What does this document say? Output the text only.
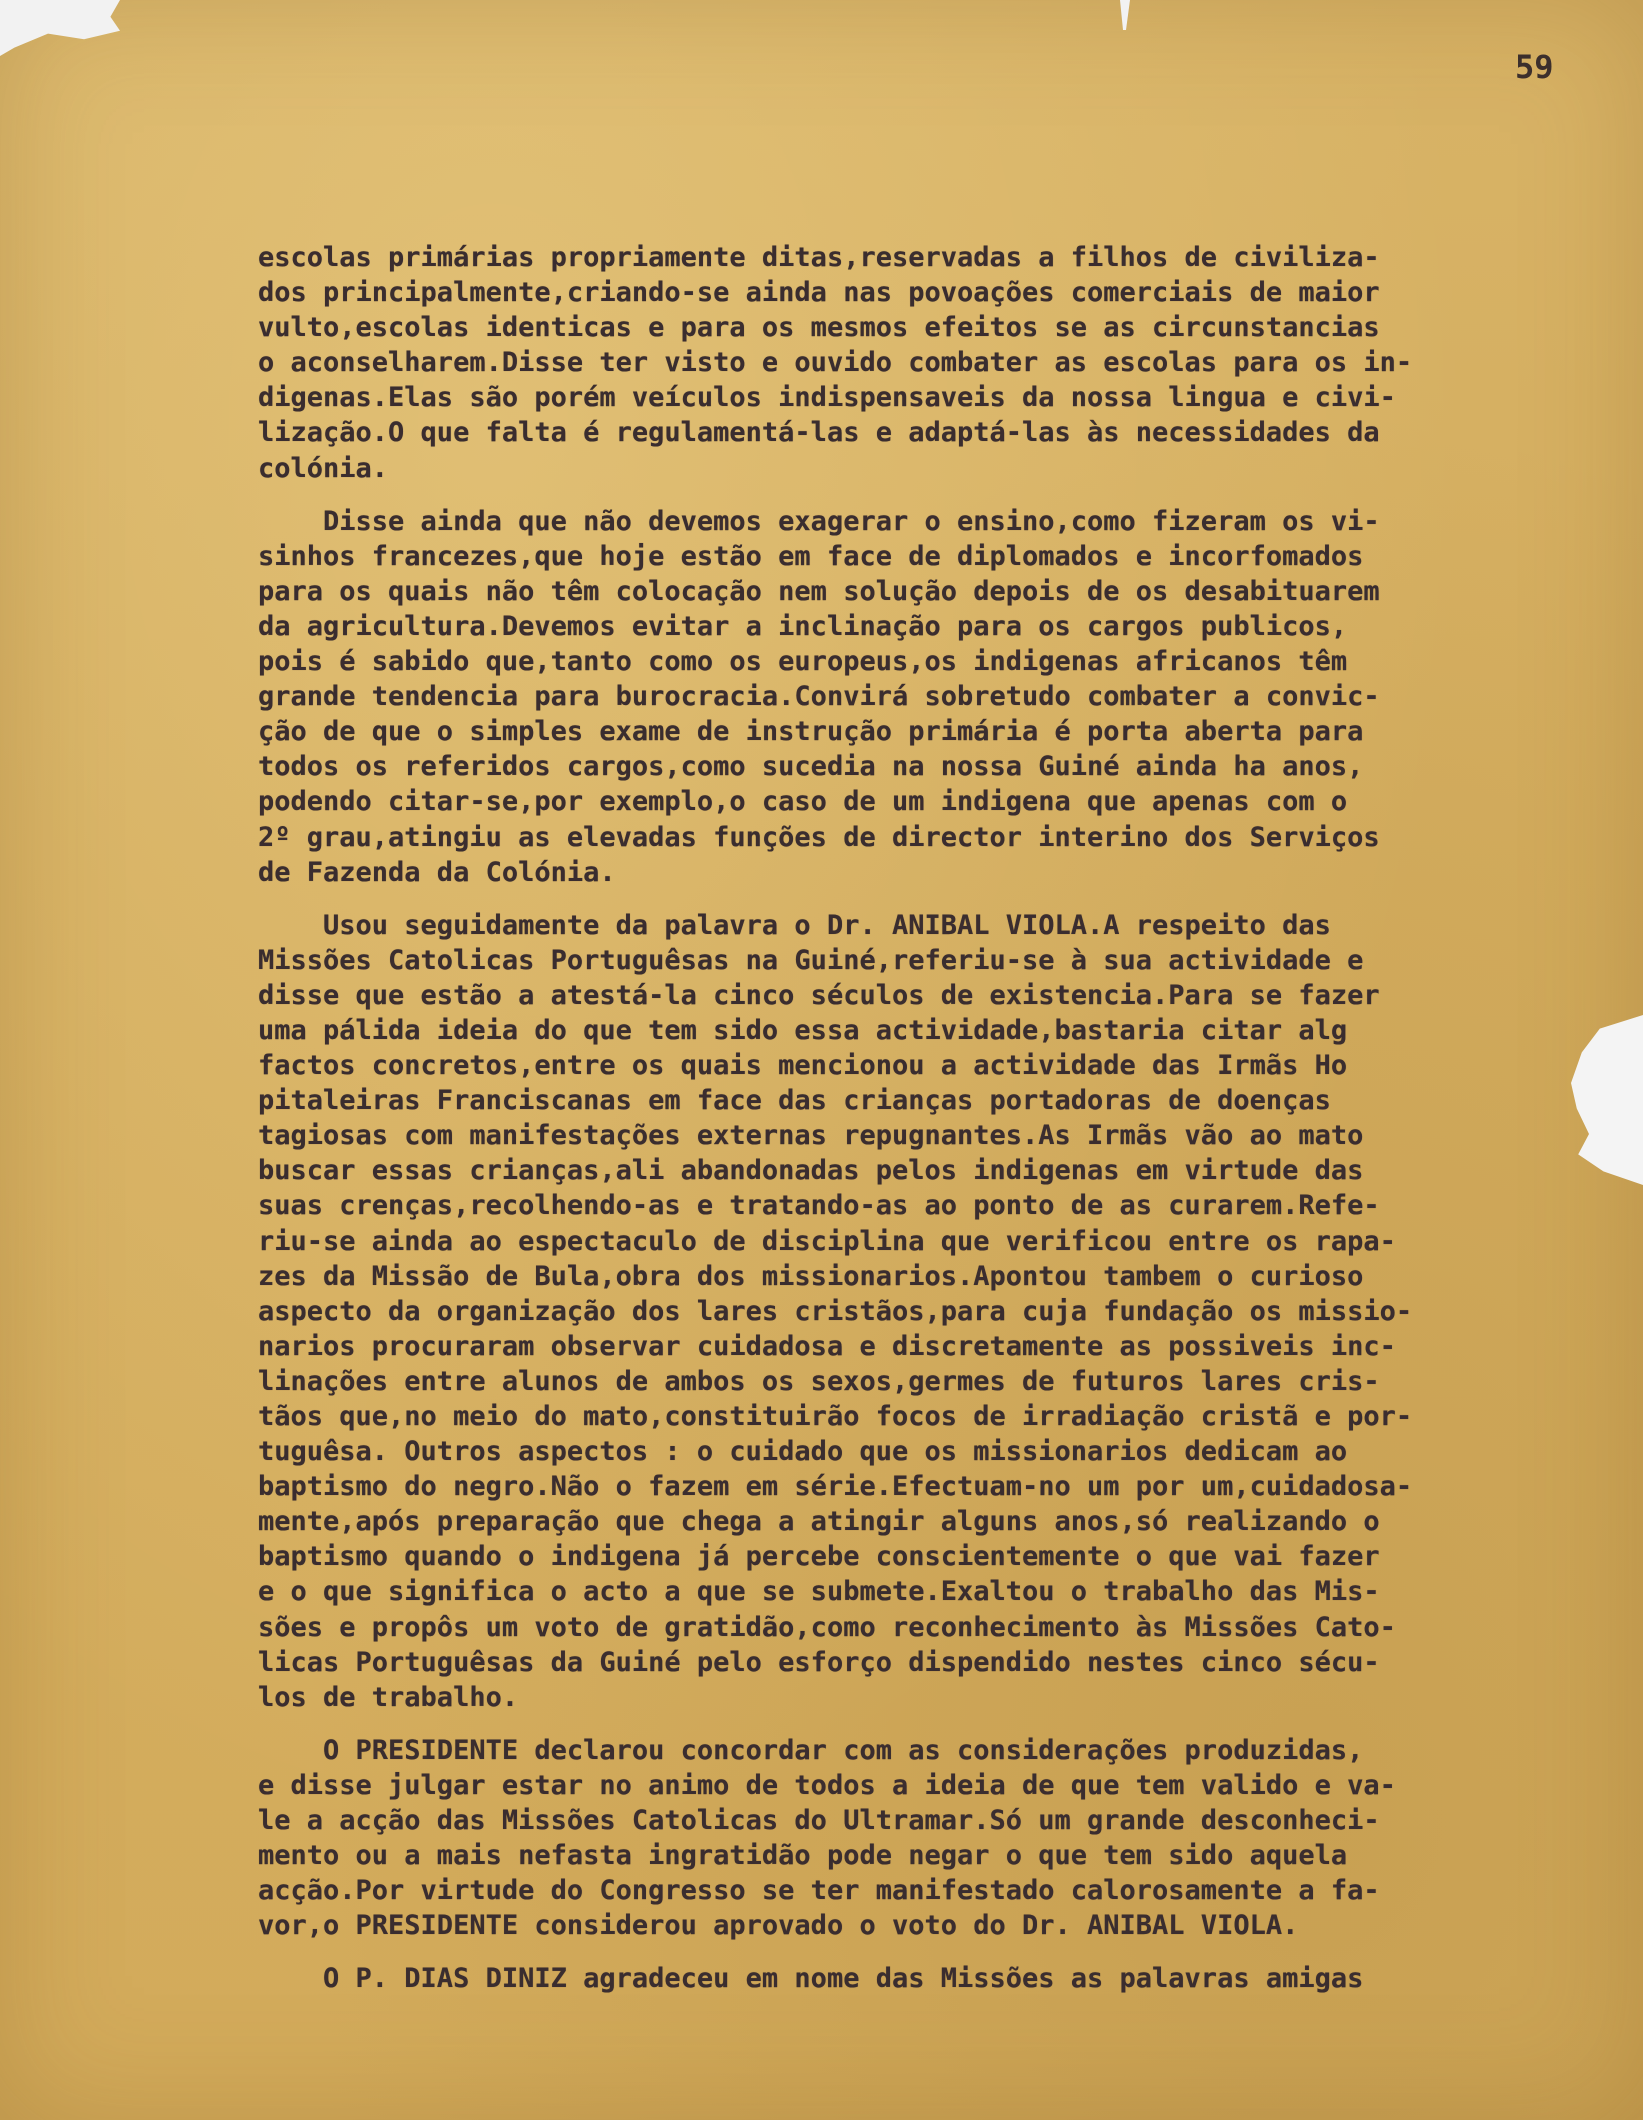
59
escolas primárias propriamente ditas,reservadas a filhos de civiliza-
dos principalmente,criando-se ainda nas povoações comerciais de maior
vulto,escolas identicas e para os mesmos efeitos se as circunstancias
o aconselharem.Disse ter visto e ouvido combater as escolas para os in-
digenas.Elas são porém veículos indispensaveis da nossa lingua e civi-
lização.O que falta é regulamentá-las e adaptá-las às necessidades da
colónia.
Disse ainda que não devemos exagerar o ensino,como fizeram os vi-
sinhos francezes,que hoje estão em face de diplomados e incorfomados
para os quais não têm colocação nem solução depois de os desabituarem
da agricultura.Devemos evitar a inclinação para os cargos publicos,
pois é sabido que,tanto como os europeus,os indigenas africanos têm
grande tendencia para burocracia.Convirá sobretudo combater a convic-
ção de que o simples exame de instrução primária é porta aberta para
todos os referidos cargos,como sucedia na nossa Guiné ainda ha anos,
podendo citar-se,por exemplo,o caso de um indigena que apenas com o
2º grau,atingiu as elevadas funções de director interino dos Serviços
de Fazenda da Colónia.
Usou seguidamente da palavra o Dr. ANIBAL VIOLA.A respeito das
Missões Catolicas Portuguêsas na Guiné,referiu-se à sua actividade e
disse que estão a atestá-la cinco séculos de existencia.Para se fazer
uma pálida ideia do que tem sido essa actividade,bastaria citar alg
factos concretos,entre os quais mencionou a actividade das Irmãs Ho
pitaleiras Franciscanas em face das crianças portadoras de doenças
tagiosas com manifestações externas repugnantes.As Irmãs vão ao mato
buscar essas crianças,ali abandonadas pelos indigenas em virtude das
suas crenças,recolhendo-as e tratando-as ao ponto de as curarem.Refe-
riu-se ainda ao espectaculo de disciplina que verificou entre os rapa-
zes da Missão de Bula,obra dos missionarios.Apontou tambem o curioso
aspecto da organização dos lares cristãos,para cuja fundação os missio-
narios procuraram observar cuidadosa e discretamente as possiveis inc-
linações entre alunos de ambos os sexos,germes de futuros lares cris-
tãos que,no meio do mato,constituirão focos de irradiação cristã e por-
tuguêsa. Outros aspectos : o cuidado que os missionarios dedicam ao
baptismo do negro.Não o fazem em série.Efectuam-no um por um,cuidadosa-
mente,após preparação que chega a atingir alguns anos,só realizando o
baptismo quando o indigena já percebe conscientemente o que vai fazer
e o que significa o acto a que se submete.Exaltou o trabalho das Mis-
sões e propôs um voto de gratidão,como reconhecimento às Missões Cato-
licas Portuguêsas da Guiné pelo esforço dispendido nestes cinco sécu-
los de trabalho.
O PRESIDENTE declarou concordar com as considerações produzidas,
e disse julgar estar no animo de todos a ideia de que tem valido e va-
le a acção das Missões Catolicas do Ultramar.Só um grande desconheci-
mento ou a mais nefasta ingratidão pode negar o que tem sido aquela
acção.Por virtude do Congresso se ter manifestado calorosamente a fa-
vor,o PRESIDENTE considerou aprovado o voto do Dr. ANIBAL VIOLA.
O P. DIAS DINIZ agradeceu em nome das Missões as palavras amigas
